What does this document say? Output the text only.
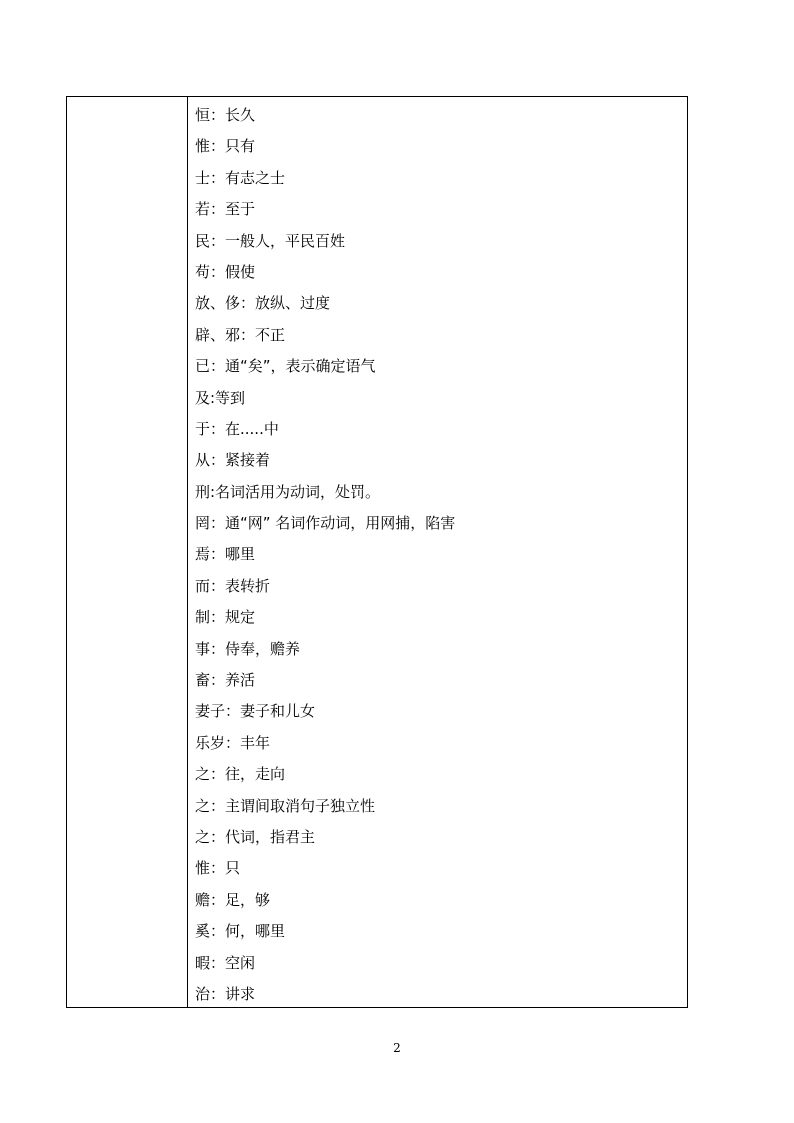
恒：长久
惟：只有
士：有志之士
若：至于
民：一般人，平民百姓
苟：假使
放、侈：放纵、过度
辟、邪：不正
已：通“矣”，表示确定语气
及:等到
于：在.....中
从：紧接着
刑:名词活用为动词，处罚。
罔：通“网” 名词作动词，用网捕，陷害
焉：哪里
而：表转折
制：规定
事：侍奉，赡养
畜：养活
妻子：妻子和儿女
乐岁：丰年
之：往，走向
之：主谓间取消句子独立性
之：代词，指君主
惟：只
赡：足，够
奚：何，哪里
暇：空闲
治：讲求
2
